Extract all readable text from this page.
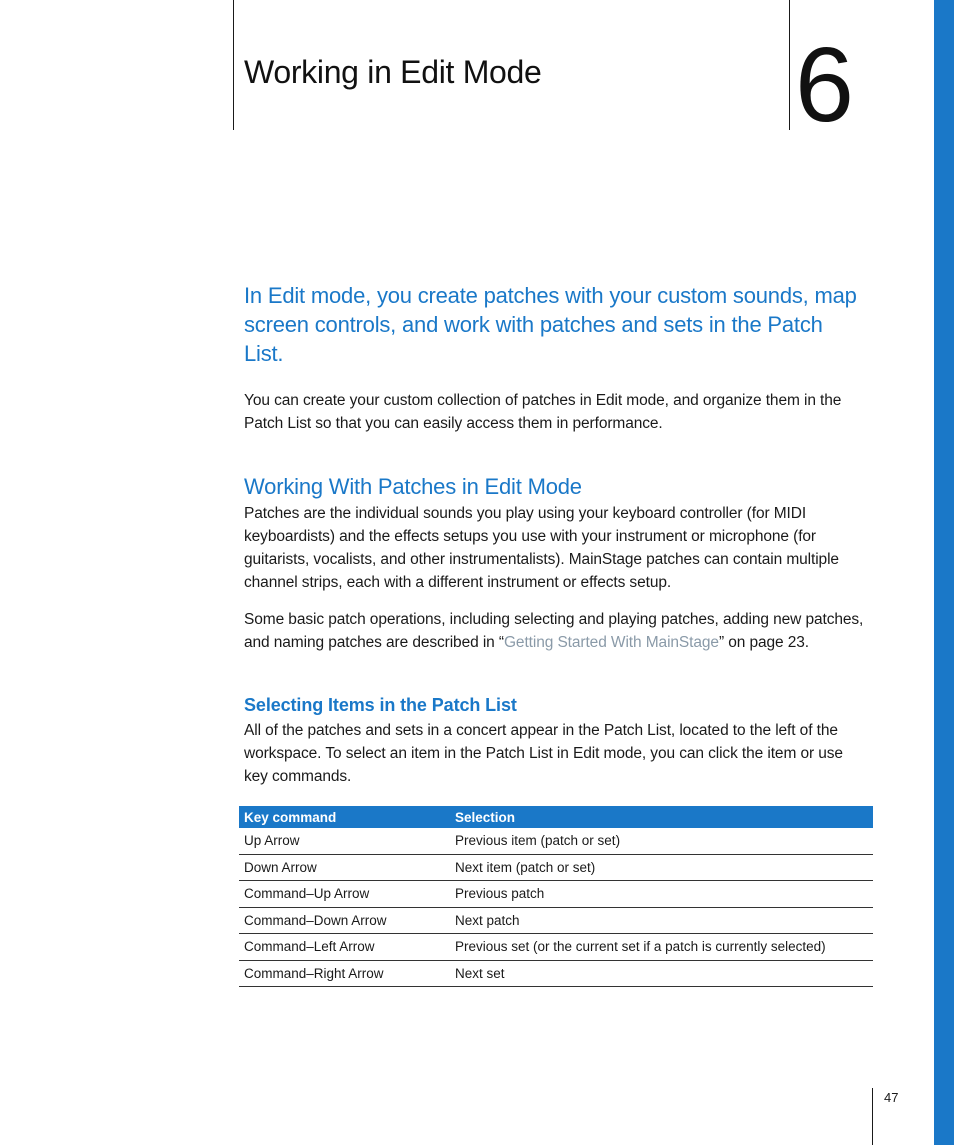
Working in Edit Mode 6

In Edit mode, you create patches with your custom sounds, map screen controls, and work with patches and sets in the Patch List.

You can create your custom collection of patches in Edit mode, and organize them in the Patch List so that you can easily access them in performance.

Working With Patches in Edit Mode

Patches are the individual sounds you play using your keyboard controller (for MIDI keyboardists) and the effects setups you use with your instrument or microphone (for guitarists, vocalists, and other instrumentalists). MainStage patches can contain multiple channel strips, each with a different instrument or effects setup.

Some basic patch operations, including selecting and playing patches, adding new patches, and naming patches are described in “Getting Started With MainStage” on page 23.

Selecting Items in the Patch List

All of the patches and sets in a concert appear in the Patch List, located to the left of the workspace. To select an item in the Patch List in Edit mode, you can click the item or use key commands.

Key command	Selection
Up Arrow	Previous item (patch or set)
Down Arrow	Next item (patch or set)
Command–Up Arrow	Previous patch
Command–Down Arrow	Next patch
Command–Left Arrow	Previous set (or the current set if a patch is currently selected)
Command–Right Arrow	Next set
47
